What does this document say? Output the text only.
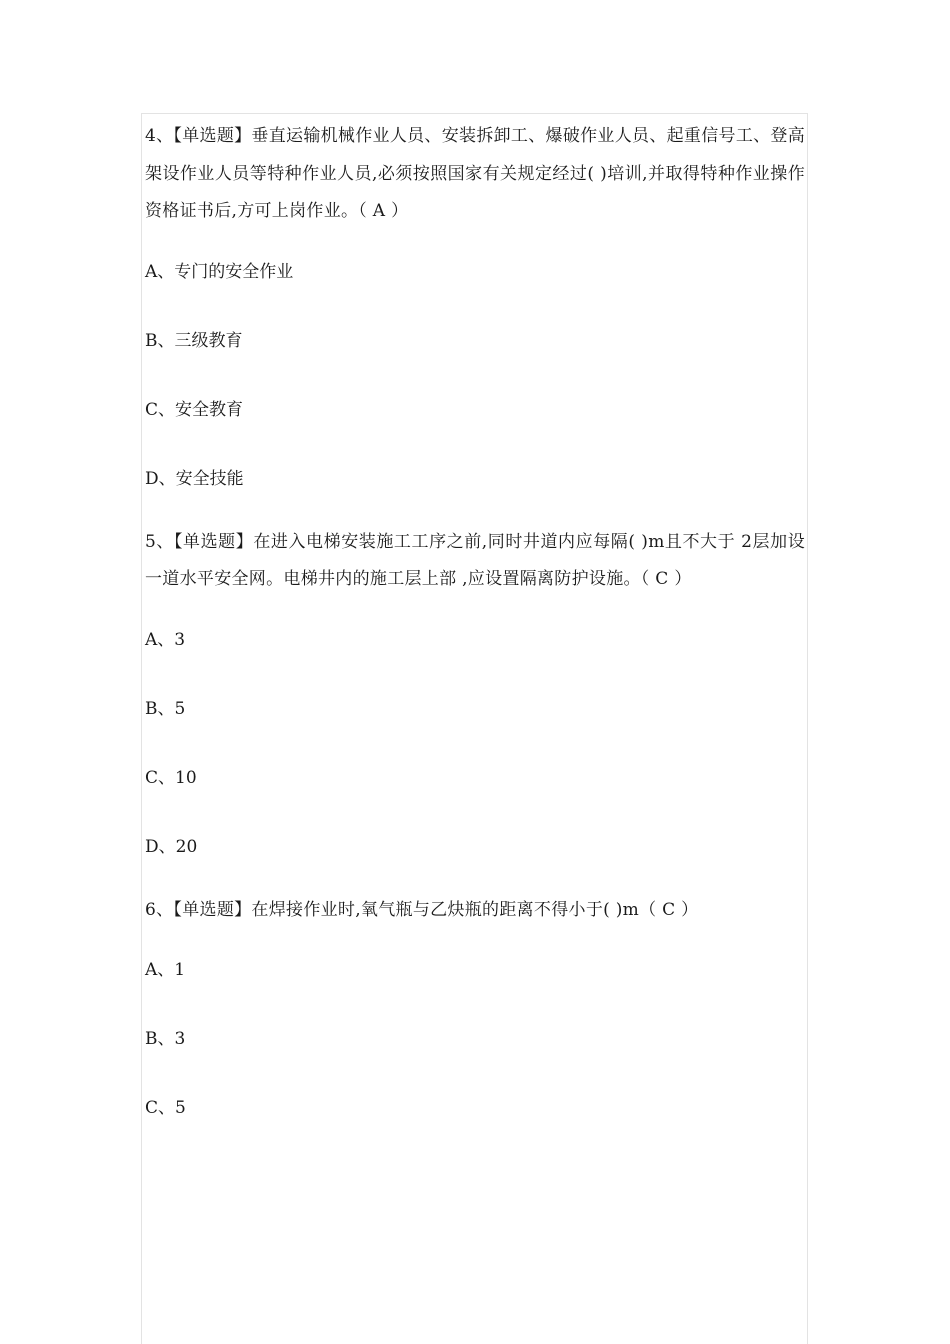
4、【单选题】垂直运输机械作业人员、安装拆卸工、爆破作业人员、起重信号工、登高架设作业人员等特种作业人员,必须按照国家有关规定经过( )培训,并取得特种作业操作资格证书后,方可上岗作业。（ A ）
A、专门的安全作业
B、三级教育
C、安全教育
D、安全技能
5、【单选题】在进入电梯安装施工工序之前,同时井道内应每隔( )m且不大于 2层加设一道水平安全网。电梯井内的施工层上部 ,应设置隔离防护设施。（ C ）
A、3
B、5
C、10
D、20
6、【单选题】在焊接作业时,氧气瓶与乙炔瓶的距离不得小于( )m（ C ）
A、1
B、3
C、5
